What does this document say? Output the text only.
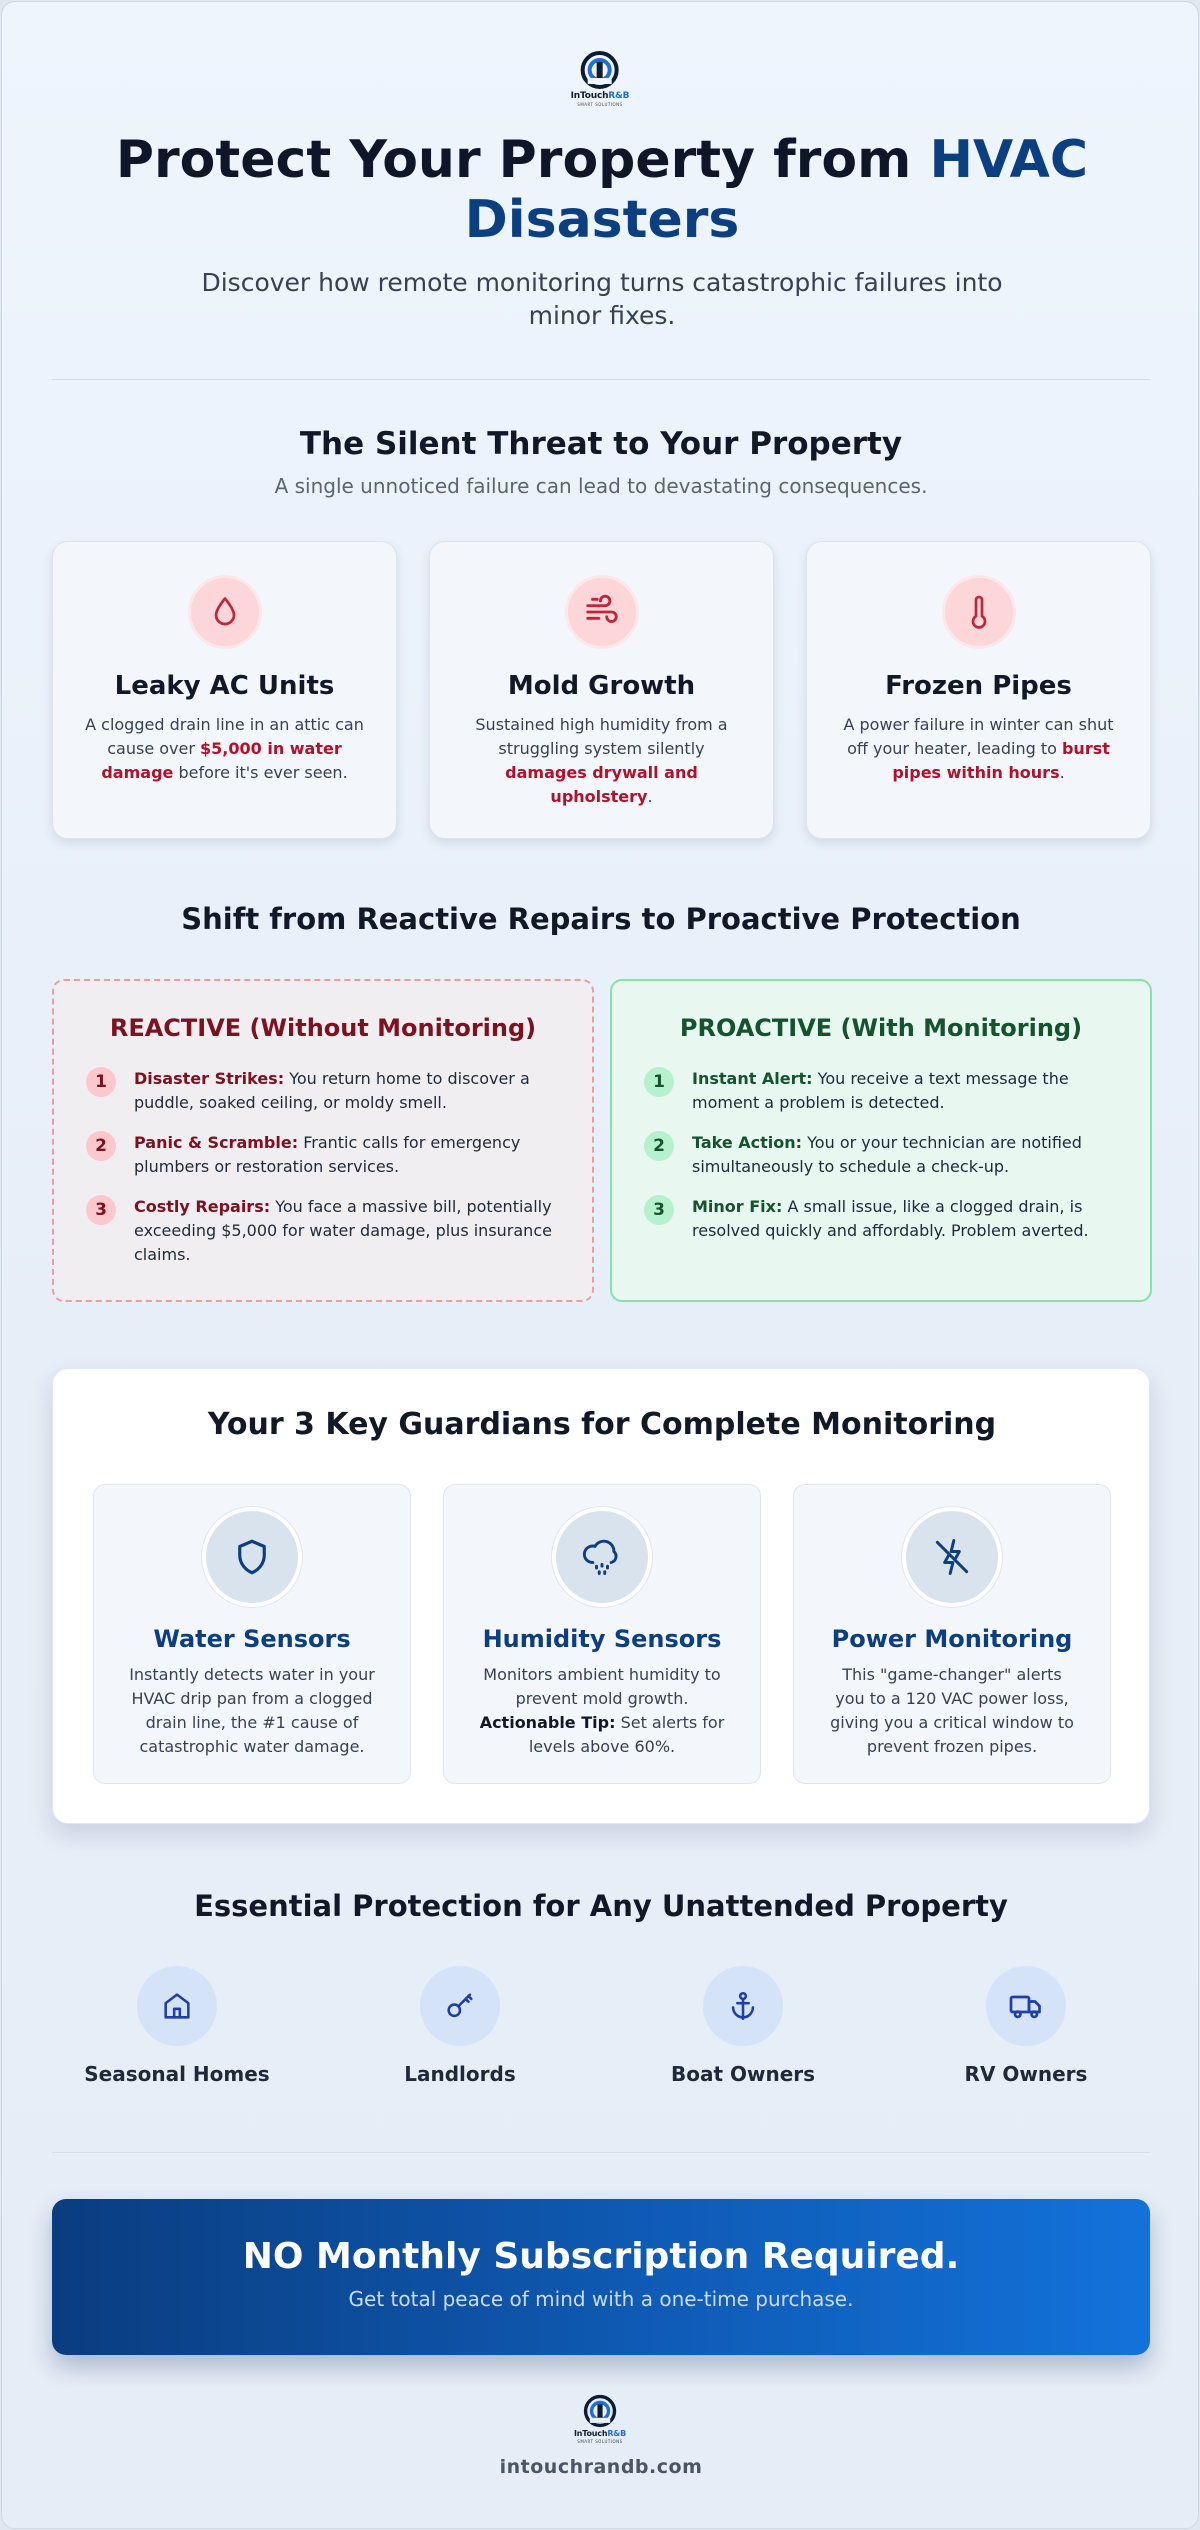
InTouchR&B
SMART SOLUTIONS
Protect Your Property from HVAC
Disasters
Discover how remote monitoring turns catastrophic failures into minor fixes.
The Silent Threat to Your Property
A single unnoticed failure can lead to devastating consequences.
Leaky AC Units
A clogged drain line in an attic can cause over $5,000 in water damage before it's ever seen.
Mold Growth
Sustained high humidity from a struggling system silently damages drywall and upholstery.
Frozen Pipes
A power failure in winter can shut off your heater, leading to burst pipes within hours.
Shift from Reactive Repairs to Proactive Protection
REACTIVE (Without Monitoring)
1	Disaster Strikes: You return home to discover a puddle, soaked ceiling, or moldy smell.
2	Panic & Scramble: Frantic calls for emergency plumbers or restoration services.
3	Costly Repairs: You face a massive bill, potentially exceeding $5,000 for water damage, plus insurance claims.
PROACTIVE (With Monitoring)
1	Instant Alert: You receive a text message the moment a problem is detected.
2	Take Action: You or your technician are notified simultaneously to schedule a check-up.
3	Minor Fix: A small issue, like a clogged drain, is resolved quickly and affordably. Problem averted.
Your 3 Key Guardians for Complete Monitoring
Water Sensors
Instantly detects water in your HVAC drip pan from a clogged drain line, the #1 cause of catastrophic water damage.
Humidity Sensors
Monitors ambient humidity to prevent mold growth. Actionable Tip: Set alerts for levels above 60%.
Power Monitoring
This "game-changer" alerts you to a 120 VAC power loss, giving you a critical window to prevent frozen pipes.
Essential Protection for Any Unattended Property
Seasonal Homes	Landlords	Boat Owners	RV Owners
NO Monthly Subscription Required.
Get total peace of mind with a one-time purchase.
InTouchR&B
SMART SOLUTIONS
intouchrandb.com
